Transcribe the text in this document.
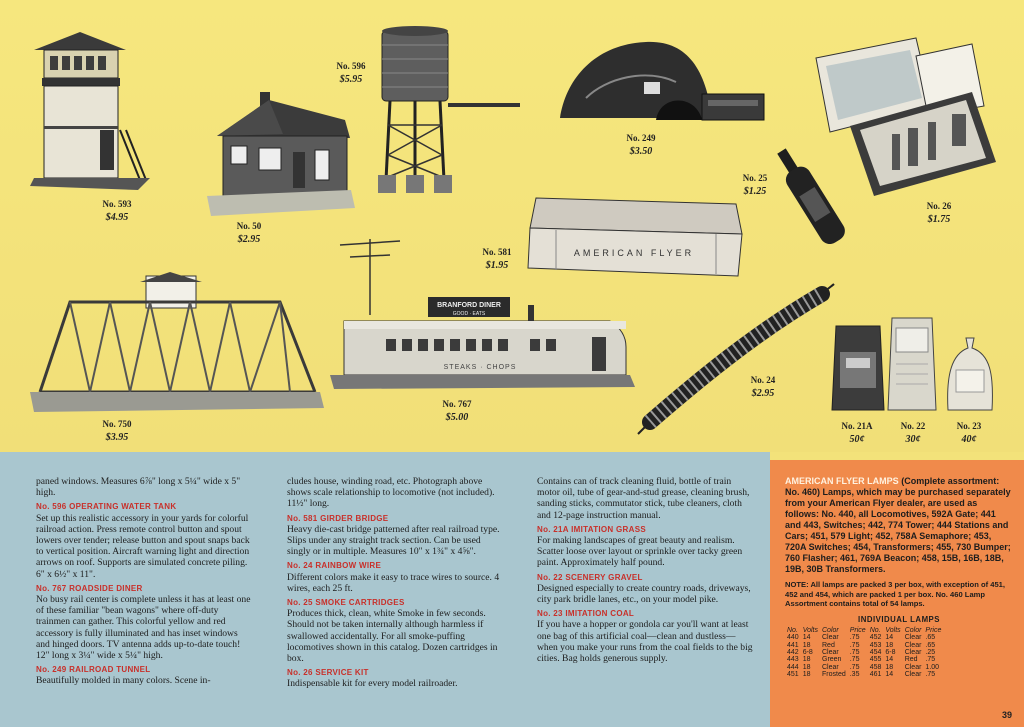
No. 593
$4.95
No. 50
$2.95
No. 596
$5.95
No. 249
$3.50
No. 26
$1.75
No. 25
$1.25
AMERICAN FLYER
No. 581
$1.95
No. 750
$3.95
BRANFORD DINER
GOOD · EATS
STEAKS · CHOPS
No. 767
$5.00
No. 24
$2.95
No. 21A
50¢
No. 22
30¢
No. 23
40¢

paned windows. Measures 6⅞" long x 5¼" wide x 5" high.

No. 596 OPERATING WATER TANK

Set up this realistic accessory in your yards for colorful railroad action. Press remote control button and spout lowers over tender; release button and spout snaps back to vertical position. Aircraft warning light and direction arrows on roof. Supports are simulated concrete piling. 6" x 6½" x 11".

No. 767 ROADSIDE DINER

No busy rail center is complete unless it has at least one of these familiar "bean wagons" where off-duty trainmen can gather. This colorful yellow and red accessory is fully illuminated and has inset windows and hinged doors. TV antenna adds up-to-date touch! 12" long x 3¼" wide x 5¼" high.

No. 249 RAILROAD TUNNEL

Beautifully molded in many colors. Scene in-

cludes house, winding road, etc. Photograph above shows scale relationship to locomotive (not included). 11½" long.

No. 581 GIRDER BRIDGE

Heavy die-cast bridge patterned after real railroad type. Slips under any straight track section. Can be used singly or in multiple. Measures 10" x 1¾" x 4⅝".

No. 24 RAINBOW WIRE

Different colors make it easy to trace wires to source. 4 wires, each 25 ft.

No. 25 SMOKE CARTRIDGES

Produces thick, clean, white Smoke in few seconds. Should not be taken internally although harmless if swallowed accidentally. For all smoke-puffing locomotives shown in this catalog. Dozen cartridges in box.

No. 26 SERVICE KIT

Indispensable kit for every model railroader.

Contains can of track cleaning fluid, bottle of train motor oil, tube of gear-and-stud grease, cleaning brush, sanding sticks, commutator stick, tube cleaners, cloth and 12-page instruction manual.

No. 21A IMITATION GRASS

For making landscapes of great beauty and realism. Scatter loose over layout or sprinkle over tacky green paint. Approximately half pound.

No. 22 SCENERY GRAVEL

Designed especially to create country roads, driveways, city park bridle lanes, etc., on your model pike.

No. 23 IMITATION COAL

If you have a hopper or gondola car you'll want at least one bag of this artificial coal—clean and dustless—when you make your runs from the coal fields to the big cities. Bag holds generous supply.

AMERICAN FLYER LAMPS (Complete assortment: No. 460) Lamps, which may be purchased separately from your American Flyer dealer, are used as follows: No. 440, all Locomotives, 592A Gate; 441 and 443, Switches; 442, 774 Tower; 444 Stations and Cars; 451, 579 Light; 452, 758A Semaphore; 453, 720A Switches; 454, Transformers; 455, 730 Bumper; 760 Flasher; 461, 769A Beacon; 458, 15B, 16B, 18B, 19B, 30B Transformers.
NOTE: All lamps are packed 3 per box, with exception of 451, 452 and 454, which are packed 1 per box. No. 460 Lamp Assortment contains total of 54 lamps.
INDIVIDUAL LAMPS
No.	Volts	Color	Price	No.	Volts	Color	Price
440	14	Clear	.75	452	14	Clear	.65
441	18	Red	.75	453	18	Clear	.65
442	6-8	Clear	.75	454	6-8	Clear	.25
443	18	Green	.75	455	14	Red	.75
444	18	Clear	.75	458	18	Clear	1.00
451	18	Frosted	.35	461	14	Clear	.75
39
